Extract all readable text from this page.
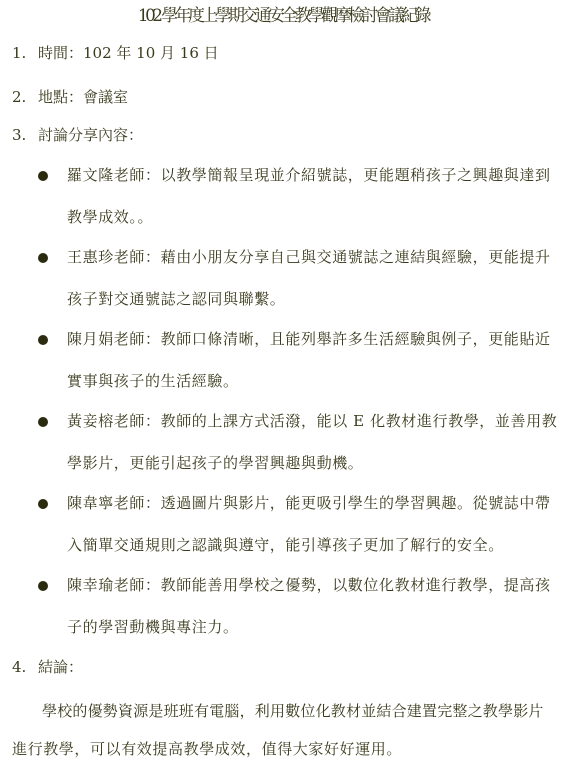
102 學年度上學期交通安全教學觀摩檢討會議紀錄
1. 時間：102 年 10 月 16 日
2. 地點：會議室
3. 討論分享內容：
羅文隆老師：以教學簡報呈現並介紹號誌，更能題稍孩子之興趣與達到
教學成效。。
王惠珍老師：藉由小朋友分享自己與交通號誌之連結與經驗，更能提升
孩子對交通號誌之認同與聯繫。
陳月娟老師：教師口條清晰，且能列舉許多生活經驗與例子，更能貼近
實事與孩子的生活經驗。
黃妾榕老師：教師的上課方式活潑，能以 E 化教材進行教學，並善用教
學影片，更能引起孩子的學習興趣與動機。
陳韋寧老師：透過圖片與影片，能更吸引學生的學習興趣。從號誌中帶
入簡單交通規則之認識與遵守，能引導孩子更加了解行的安全。
陳幸瑜老師：教師能善用學校之優勢，以數位化教材進行教學，提高孩
子的學習動機與專注力。
4. 結論：
學校的優勢資源是班班有電腦，利用數位化教材並結合建置完整之教學影片
進行教學，可以有效提高教學成效，值得大家好好運用。
